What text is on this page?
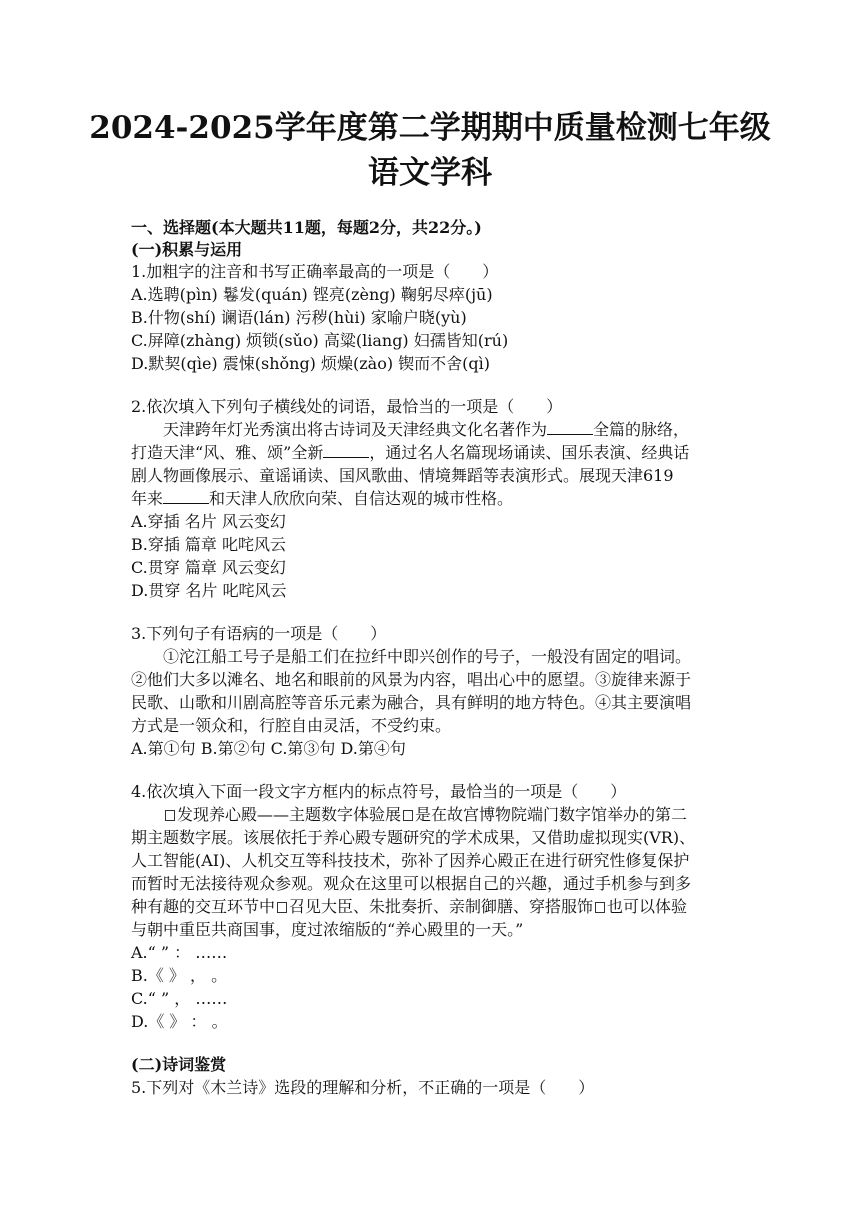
2024-2025学年度第二学期期中质量检测七年级
语文学科
一、选择题(本大题共11题，每题2分，共22分。)
(一)积累与运用
1.加粗字的注音和书写正确率最高的一项是（　　）
A.选聘(pìn) 鬈发(quán) 铿亮(zèng) 鞠躬尽瘁(jū)
B.什物(shí) 谰语(lán) 污秽(hùi) 家喻户晓(yù)
C.屏障(zhàng) 烦锁(sǔo) 高粱(liang) 妇孺皆知(rú)
D.默契(qìe) 震悚(shǒng) 烦燥(zào) 锲而不舍(qì)
2.依次填入下列句子横线处的词语，最恰当的一项是（　　）
天津跨年灯光秀演出将古诗词及天津经典文化名著作为	全篇的脉络，
打造天津“风、雅、颂”全新	，通过名人名篇现场诵读、国乐表演、经典话
剧人物画像展示、童谣诵读、国风歌曲、情境舞蹈等表演形式。展现天津619
年来	和天津人欣欣向荣、自信达观的城市性格。
A.穿插 名片 风云变幻
B.穿插 篇章 叱咤风云
C.贯穿 篇章 风云变幻
D.贯穿 名片 叱咤风云
3.下列句子有语病的一项是（　　）
①沱江船工号子是船工们在拉纤中即兴创作的号子，一般没有固定的唱词。
②他们大多以滩名、地名和眼前的风景为内容，唱出心中的愿望。③旋律来源于
民歌、山歌和川剧高腔等音乐元素为融合，具有鲜明的地方特色。④其主要演唱
方式是一领众和，行腔自由灵活，不受约束。
A.第①句 B.第②句 C.第③句 D.第④句
4.依次填入下面一段文字方框内的标点符号，最恰当的一项是（　　）
发现养心殿——主题数字体验展 是在故宫博物院端门数字馆举办的第二
期主题数字展。该展依托于养心殿专题研究的学术成果，又借助虚拟现实(VR)、
人工智能(AI)、人机交互等科技技术，弥补了因养心殿正在进行研究性修复保护
而暂时无法接待观众参观。观众在这里可以根据自己的兴趣，通过手机参与到多
种有趣的交互环节中 召见大臣、朱批奏折、亲制御膳、穿搭服饰 也可以体验
与朝中重臣共商国事，度过浓缩版的“养心殿里的一天。”
A.“ ” ： ……
B.《 》 ， 。
C.“ ” ， ……
D.《 》 ： 。
(二)诗词鉴赏
5.下列对《木兰诗》选段的理解和分析，不正确的一项是（　　）
